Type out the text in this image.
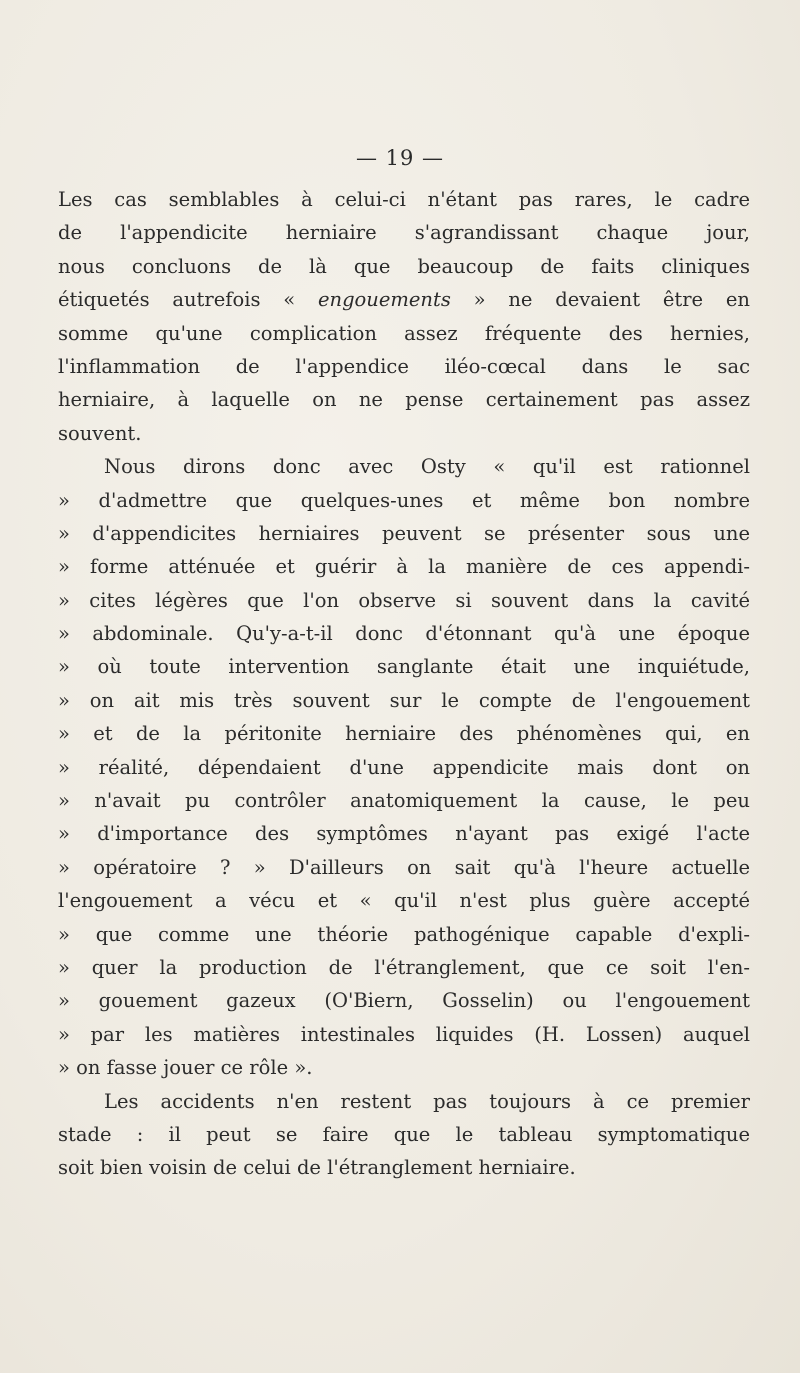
— 19 —
Les cas semblables à celui-ci n'étant pas rares, le cadre
de l'appendicite herniaire s'agrandissant chaque jour,
nous concluons de là que beaucoup de faits cliniques
étiquetés autrefois « engouements » ne devaient être en
somme qu'une complication assez fréquente des hernies,
l'inflammation de l'appendice iléo-cœcal dans le sac
herniaire, à laquelle on ne pense certainement pas assez
souvent.
Nous dirons donc avec Osty « qu'il est rationnel
» d'admettre que quelques-unes et même bon nombre
» d'appendicites herniaires peuvent se présenter sous une
» forme atténuée et guérir à la manière de ces appendi-
» cites légères que l'on observe si souvent dans la cavité
» abdominale. Qu'y-a-t-il donc d'étonnant qu'à une époque
» où toute intervention sanglante était une inquiétude,
» on ait mis très souvent sur le compte de l'engouement
» et de la péritonite herniaire des phénomènes qui, en
» réalité, dépendaient d'une appendicite mais dont on
» n'avait pu contrôler anatomiquement la cause, le peu
» d'importance des symptômes n'ayant pas exigé l'acte
» opératoire ? » D'ailleurs on sait qu'à l'heure actuelle
l'engouement a vécu et « qu'il n'est plus guère accepté
» que comme une théorie pathogénique capable d'expli-
» quer la production de l'étranglement, que ce soit l'en-
» gouement gazeux (O'Biern, Gosselin) ou l'engouement
» par les matières intestinales liquides (H. Lossen) auquel
» on fasse jouer ce rôle ».
Les accidents n'en restent pas toujours à ce premier
stade : il peut se faire que le tableau symptomatique
soit bien voisin de celui de l'étranglement herniaire.
